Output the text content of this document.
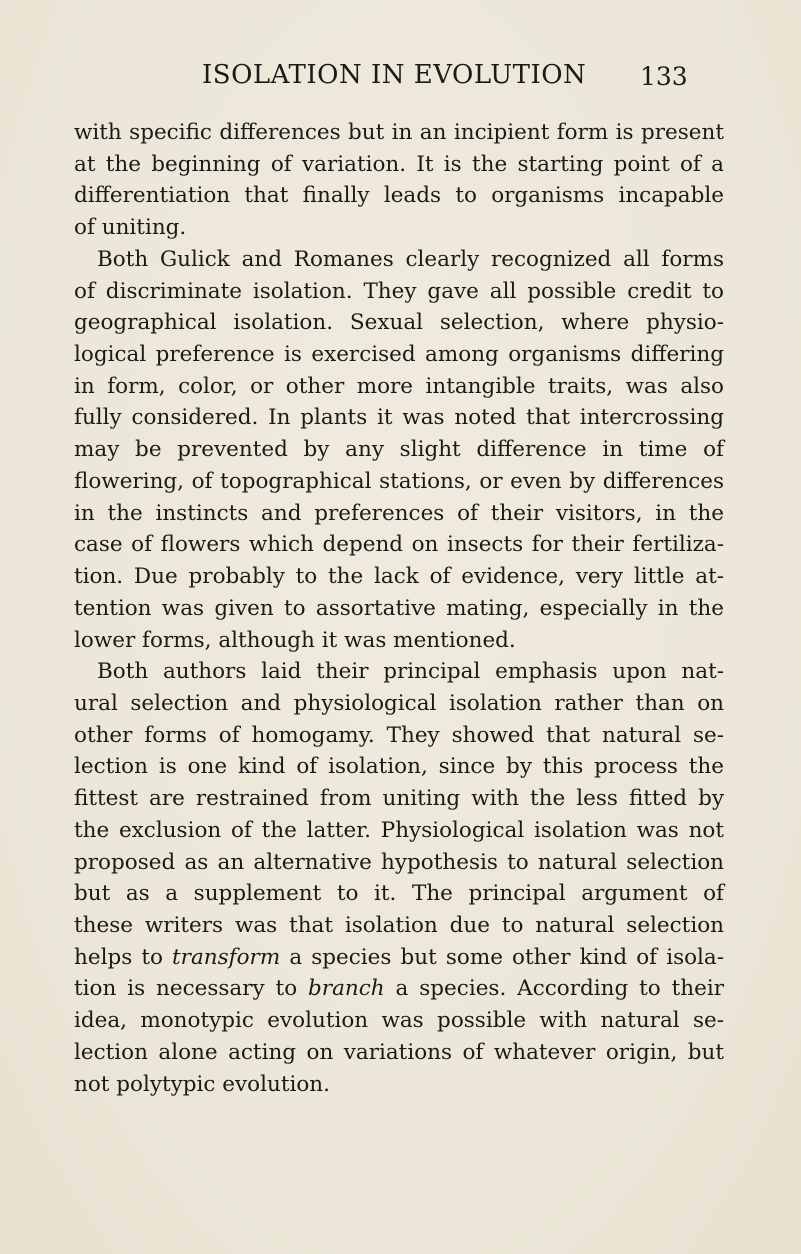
ISOLATION IN EVOLUTION 133
with specific differences but in an incipient form is present
at the beginning of variation. It is the starting point of a
differentiation that finally leads to organisms incapable
of uniting.
Both Gulick and Romanes clearly recognized all forms
of discriminate isolation. They gave all possible credit to
geographical isolation. Sexual selection, where physio-
logical preference is exercised among organisms differing
in form, color, or other more intangible traits, was also
fully considered. In plants it was noted that intercrossing
may be prevented by any slight difference in time of
flowering, of topographical stations, or even by differences
in the instincts and preferences of their visitors, in the
case of flowers which depend on insects for their fertiliza-
tion. Due probably to the lack of evidence, very little at-
tention was given to assortative mating, especially in the
lower forms, although it was mentioned.
Both authors laid their principal emphasis upon nat-
ural selection and physiological isolation rather than on
other forms of homogamy. They showed that natural se-
lection is one kind of isolation, since by this process the
fittest are restrained from uniting with the less fitted by
the exclusion of the latter. Physiological isolation was not
proposed as an alternative hypothesis to natural selection
but as a supplement to it. The principal argument of
these writers was that isolation due to natural selection
helps to transform a species but some other kind of isola-
tion is necessary to branch a species. According to their
idea, monotypic evolution was possible with natural se-
lection alone acting on variations of whatever origin, but
not polytypic evolution.
